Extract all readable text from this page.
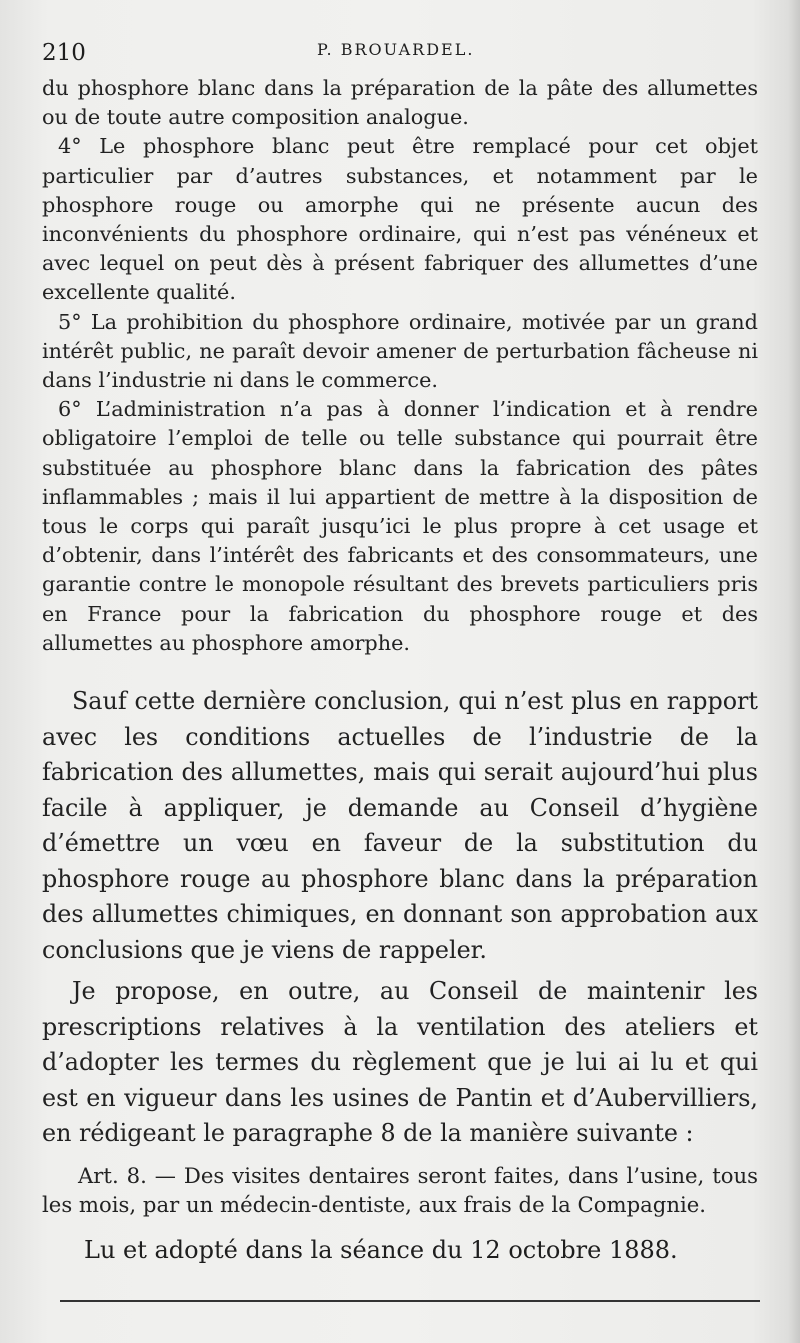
210	P. BROUARDEL.

du phosphore blanc dans la préparation de la pâte des allumettes ou de toute autre composition analogue.

4° Le phosphore blanc peut être remplacé pour cet objet particulier par d’autres substances, et notamment par le phosphore rouge ou amorphe qui ne présente aucun des inconvénients du phosphore ordinaire, qui n’est pas vénéneux et avec lequel on peut dès à présent fabriquer des allumettes d’une excellente qualité.

5° La prohibition du phosphore ordinaire, motivée par un grand intérêt public, ne paraît devoir amener de perturbation fâcheuse ni dans l’industrie ni dans le commerce.

6° L’administration n’a pas à donner l’indication et à rendre obligatoire l’emploi de telle ou telle substance qui pourrait être substituée au phosphore blanc dans la fabrication des pâtes inflammables ; mais il lui appartient de mettre à la disposition de tous le corps qui paraît jusqu’ici le plus propre à cet usage et d’obtenir, dans l’intérêt des fabricants et des consommateurs, une garantie contre le monopole résultant des brevets particuliers pris en France pour la fabrication du phosphore rouge et des allumettes au phosphore amorphe.

Sauf cette dernière conclusion, qui n’est plus en rapport avec les conditions actuelles de l’industrie de la fabrication des allumettes, mais qui serait aujourd’hui plus facile à appliquer, je demande au Conseil d’hygiène d’émettre un vœu en faveur de la substitution du phosphore rouge au phosphore blanc dans la préparation des allumettes chimiques, en donnant son approbation aux conclusions que je viens de rappeler.

Je propose, en outre, au Conseil de maintenir les prescriptions relatives à la ventilation des ateliers et d’adopter les termes du règlement que je lui ai lu et qui est en vigueur dans les usines de Pantin et d’Aubervilliers, en rédigeant le paragraphe 8 de la manière suivante :

Art. 8. — Des visites dentaires seront faites, dans l’usine, tous les mois, par un médecin-dentiste, aux frais de la Compagnie.

Lu et adopté dans la séance du 12 octobre 1888.
